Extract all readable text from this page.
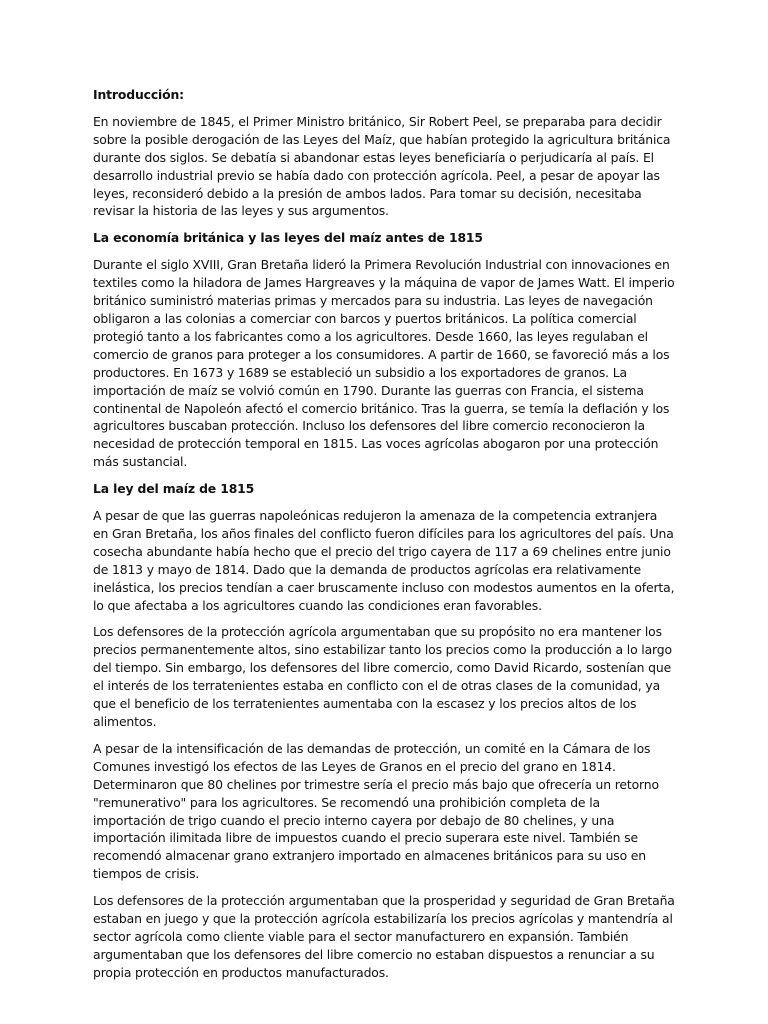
Introducción:

En noviembre de 1845, el Primer Ministro británico, Sir Robert Peel, se preparaba para decidir sobre la posible derogación de las Leyes del Maíz, que habían protegido la agricultura británica durante dos siglos. Se debatía si abandonar estas leyes beneficiaría o perjudicaría al país. El desarrollo industrial previo se había dado con protección agrícola. Peel, a pesar de apoyar las leyes, reconsideró debido a la presión de ambos lados. Para tomar su decisión, necesitaba revisar la historia de las leyes y sus argumentos.

La economía británica y las leyes del maíz antes de 1815

Durante el siglo XVIII, Gran Bretaña lideró la Primera Revolución Industrial con innovaciones en textiles como la hiladora de James Hargreaves y la máquina de vapor de James Watt. El imperio británico suministró materias primas y mercados para su industria. Las leyes de navegación obligaron a las colonias a comerciar con barcos y puertos británicos. La política comercial protegió tanto a los fabricantes como a los agricultores. Desde 1660, las leyes regulaban el comercio de granos para proteger a los consumidores. A partir de 1660, se favoreció más a los productores. En 1673 y 1689 se estableció un subsidio a los exportadores de granos. La importación de maíz se volvió común en 1790. Durante las guerras con Francia, el sistema continental de Napoleón afectó el comercio británico. Tras la guerra, se temía la deflación y los agricultores buscaban protección. Incluso los defensores del libre comercio reconocieron la necesidad de protección temporal en 1815. Las voces agrícolas abogaron por una protección más sustancial.

La ley del maíz de 1815

A pesar de que las guerras napoleónicas redujeron la amenaza de la competencia extranjera en Gran Bretaña, los años finales del conflicto fueron difíciles para los agricultores del país. Una cosecha abundante había hecho que el precio del trigo cayera de 117 a 69 chelines entre junio de 1813 y mayo de 1814. Dado que la demanda de productos agrícolas era relativamente inelástica, los precios tendían a caer bruscamente incluso con modestos aumentos en la oferta, lo que afectaba a los agricultores cuando las condiciones eran favorables.

Los defensores de la protección agrícola argumentaban que su propósito no era mantener los precios permanentemente altos, sino estabilizar tanto los precios como la producción a lo largo del tiempo. Sin embargo, los defensores del libre comercio, como David Ricardo, sostenían que el interés de los terratenientes estaba en conflicto con el de otras clases de la comunidad, ya que el beneficio de los terratenientes aumentaba con la escasez y los precios altos de los alimentos.

A pesar de la intensificación de las demandas de protección, un comité en la Cámara de los Comunes investigó los efectos de las Leyes de Granos en el precio del grano en 1814. Determinaron que 80 chelines por trimestre sería el precio más bajo que ofrecería un retorno "remunerativo" para los agricultores. Se recomendó una prohibición completa de la importación de trigo cuando el precio interno cayera por debajo de 80 chelines, y una importación ilimitada libre de impuestos cuando el precio superara este nivel. También se recomendó almacenar grano extranjero importado en almacenes británicos para su uso en tiempos de crisis.

Los defensores de la protección argumentaban que la prosperidad y seguridad de Gran Bretaña estaban en juego y que la protección agrícola estabilizaría los precios agrícolas y mantendría al sector agrícola como cliente viable para el sector manufacturero en expansión. También argumentaban que los defensores del libre comercio no estaban dispuestos a renunciar a su propia protección en productos manufacturados.
